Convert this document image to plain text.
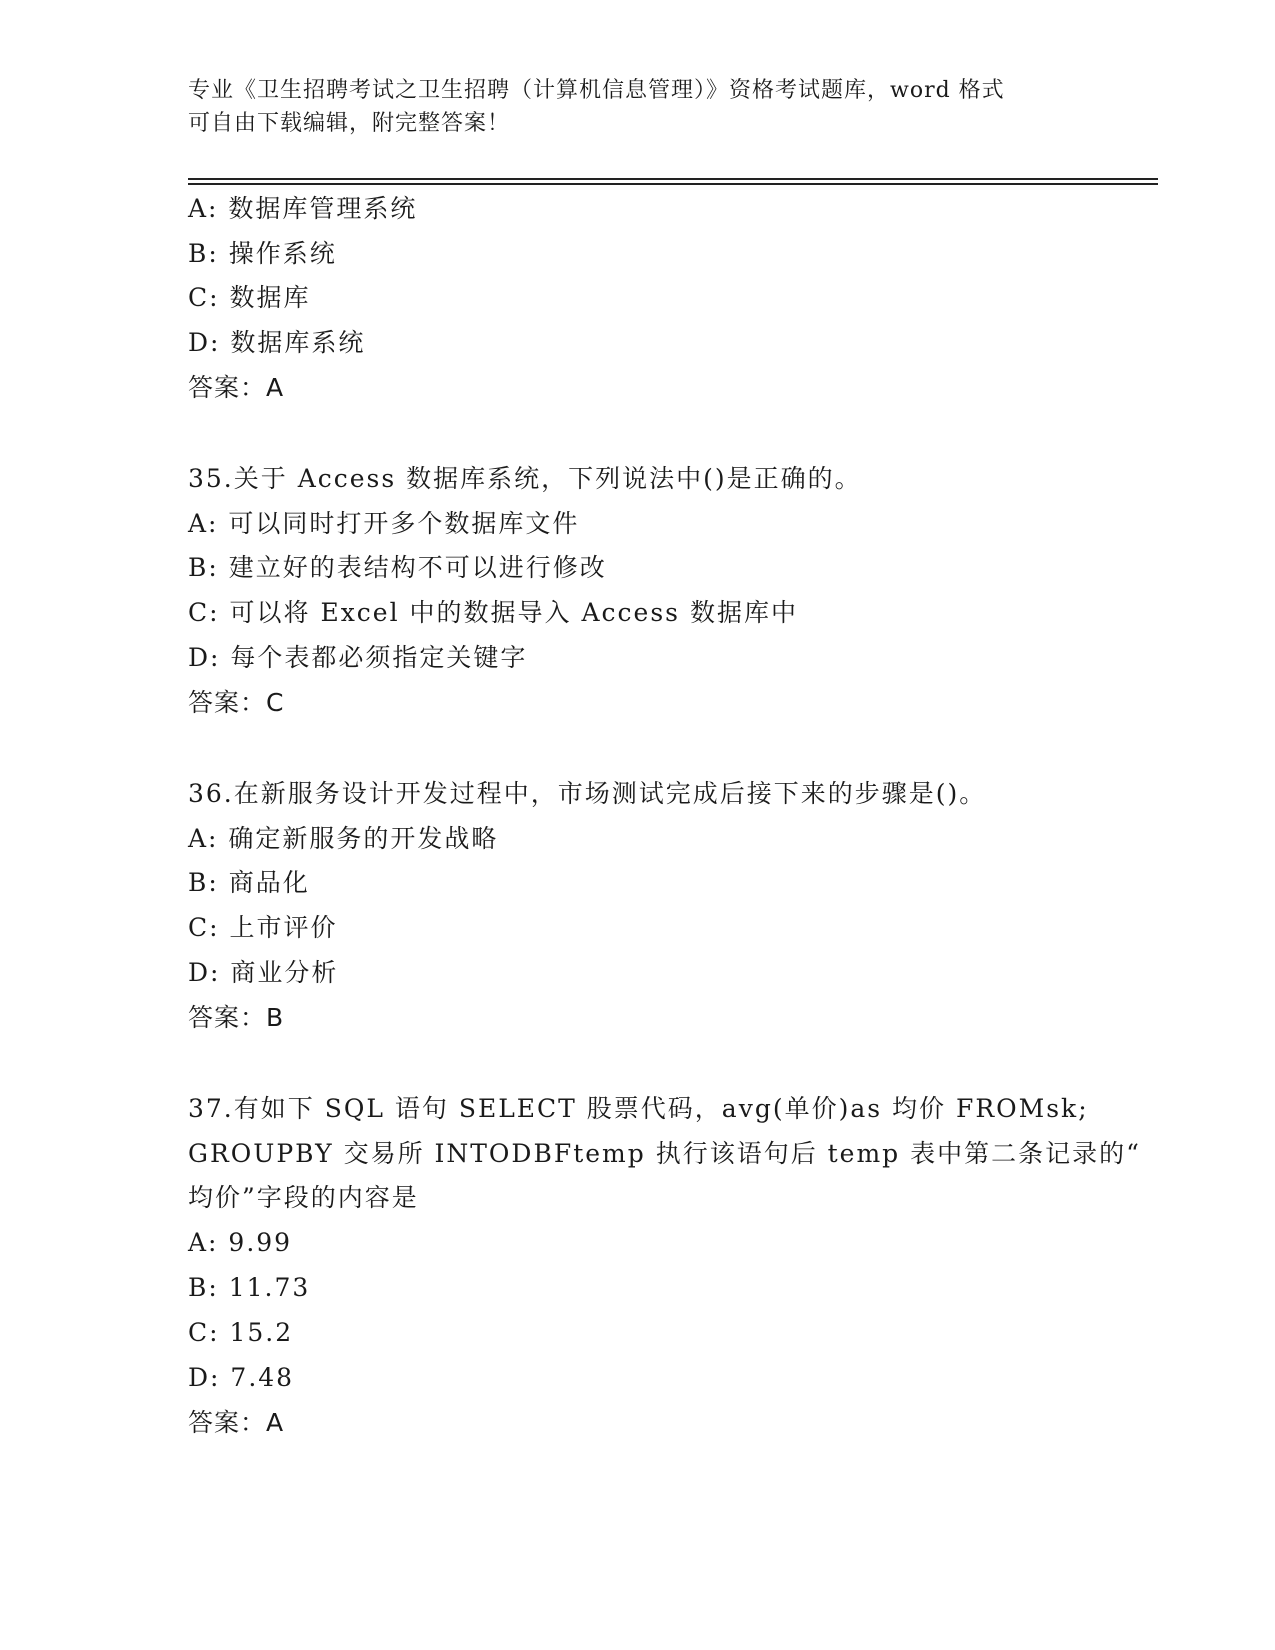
专业《卫生招聘考试之卫生招聘（计算机信息管理）》资格考试题库，word 格式
可自由下载编辑，附完整答案！
A: 数据库管理系统
B: 操作系统
C: 数据库
D: 数据库系统
答案：A
35.关于 Access 数据库系统，下列说法中()是正确的。
A: 可以同时打开多个数据库文件
B: 建立好的表结构不可以进行修改
C: 可以将 Excel 中的数据导入 Access 数据库中
D: 每个表都必须指定关键字
答案：C
36.在新服务设计开发过程中，市场测试完成后接下来的步骤是()。
A: 确定新服务的开发战略
B: 商品化
C: 上市评价
D: 商业分析
答案：B
37.有如下 SQL 语句 SELECT 股票代码，avg(单价)as 均价 FROMsk;
GROUPBY 交易所 INTODBFtemp 执行该语句后 temp 表中第二条记录的“
均价”字段的内容是
A: 9.99
B: 11.73
C: 15.2
D: 7.48
答案：A
